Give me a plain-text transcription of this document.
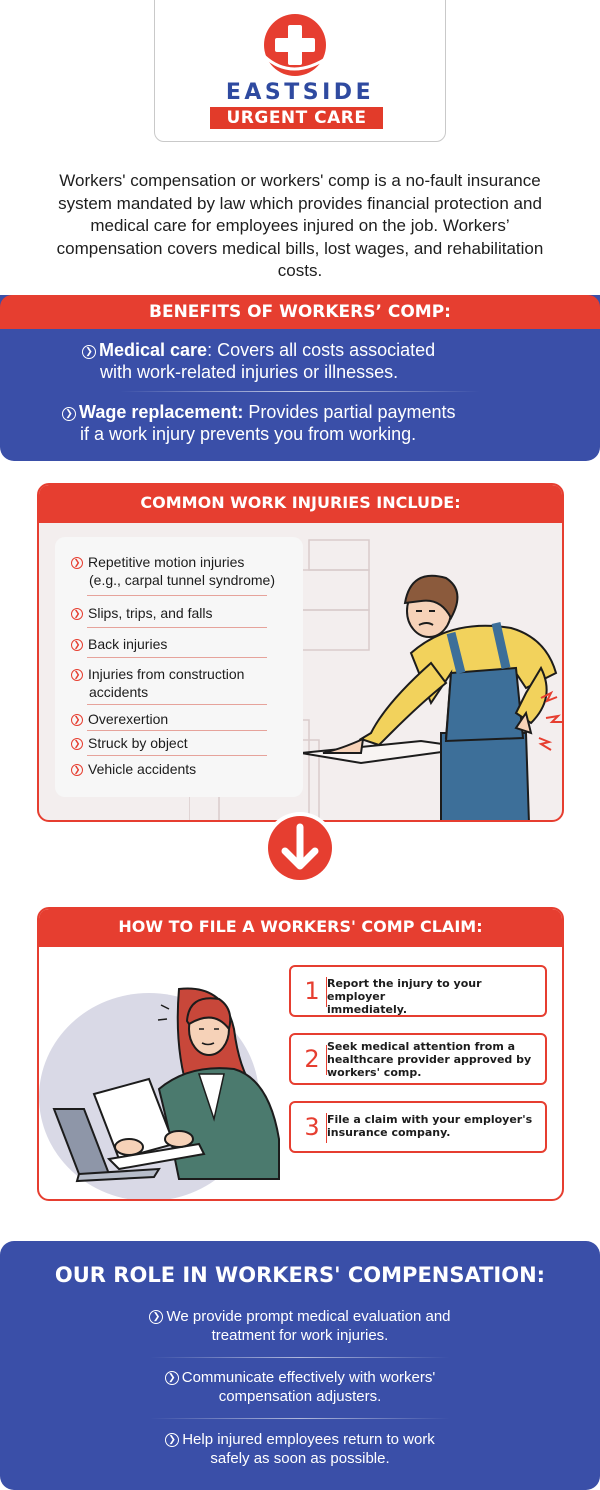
EASTSIDE
URGENT CARE
Workers' compensation or workers' comp is a no-fault insurance system mandated by law which provides financial protection and medical care for employees injured on the job. Workers’ compensation covers medical bills, lost wages, and rehabilitation costs.
BENEFITS OF WORKERS’ COMP:
❯ Medical care: Covers all costs associated
with work-related injuries or illnesses.
❯ Wage replacement: Provides partial payments
if a work injury prevents you from working.
COMMON WORK INJURIES INCLUDE:
❯ Repetitive motion injuries
(e.g., carpal tunnel syndrome)
❯ Slips, trips, and falls
❯ Back injuries
❯ Injuries from construction
accidents
❯ Overexertion
❯ Struck by object
❯ Vehicle accidents
HOW TO FILE A WORKERS' COMP CLAIM:
1 Report the injury to your employer
immediately.
2 Seek medical attention from a
healthcare provider approved by
workers' comp.
3 File a claim with your employer's
insurance company.
OUR ROLE IN WORKERS' COMPENSATION:
❯ We provide prompt medical evaluation and
treatment for work injuries.
❯ Communicate effectively with workers'
compensation adjusters.
❯ Help injured employees return to work
safely as soon as possible.
